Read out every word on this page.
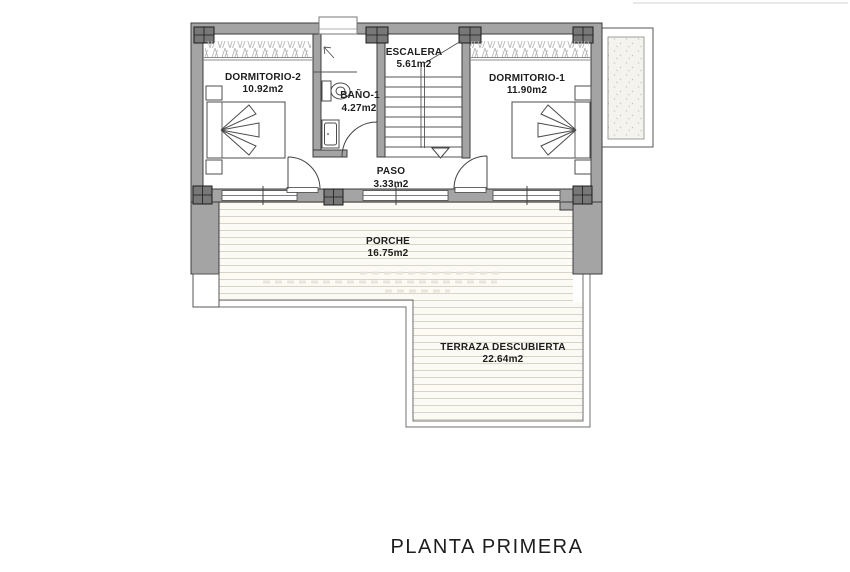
DORMITORIO-2
10.92m2
BAÑO-1
4.27m2
ESCALERA
5.61m2
DORMITORIO-1
11.90m2
PASO
3.33m2
PORCHE
16.75m2
TERRAZA DESCUBIERTA
22.64m2
PLANTA PRIMERA
